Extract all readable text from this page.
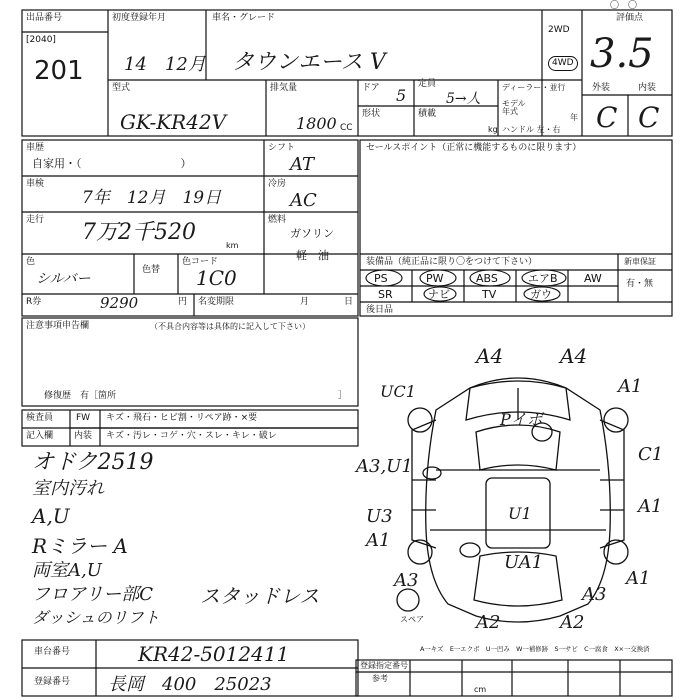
出品番号
[2040]
201
初度登録年月
14　12月
車名・グレード
タウンエース V
2WD
4WD
評価点
〇　〇
3.5
型式
GK-KR42V
排気量
1800 CC
ドア 5
定員
5→人
形状	積載
kg
ディーラー・並行
モデル年式
年
ハンドル 左・右
外装	内装
C C
車歴
自家用・（　　　　　　　　　）
シフト
AT
車検
7年　12月　19日
冷房
AC
走行 7万2千520
km
燃料
ガソリン
軽　油
色
シルバー
色替
色コード
1C0
R券	9290	円 名変期限	月	日
セールスポイント（正常に機能するものに限ります）
装備品（純正品に限り〇をつけて下さい）	新車保証
有・無
PS	PW	ABS	エアB AW
SR	ナビ	TV	ガウ
後日品
注意事項申告欄	（不具合内容等は具体的に記入して下さい）
修復歴　有［箇所	］
検査員
記入欄
FW キズ・飛石・ヒビ割・リペア跡・×要
内装 キズ・汚レ・コゲ・穴・スレ・キレ・破レ
オドク2519
室内汚れ
A,U
Rミラー A
両室A,U
フロアリー部C
ダッシュのリフト
スタッドレス
A4	A4
UC1	A1
Pイボ
C1
A3,U1
U1
U3
A1
A1
UA1
A3
A3
A1
A2	A2
スペア
A一キズ　E一エクボ　U一凹み　W一補修跡　S一サビ　C一腐食　X×一交換済
車台番号	KR42-5012411
登録番号 長岡　400　25023
登録指定番号
参考
cm
